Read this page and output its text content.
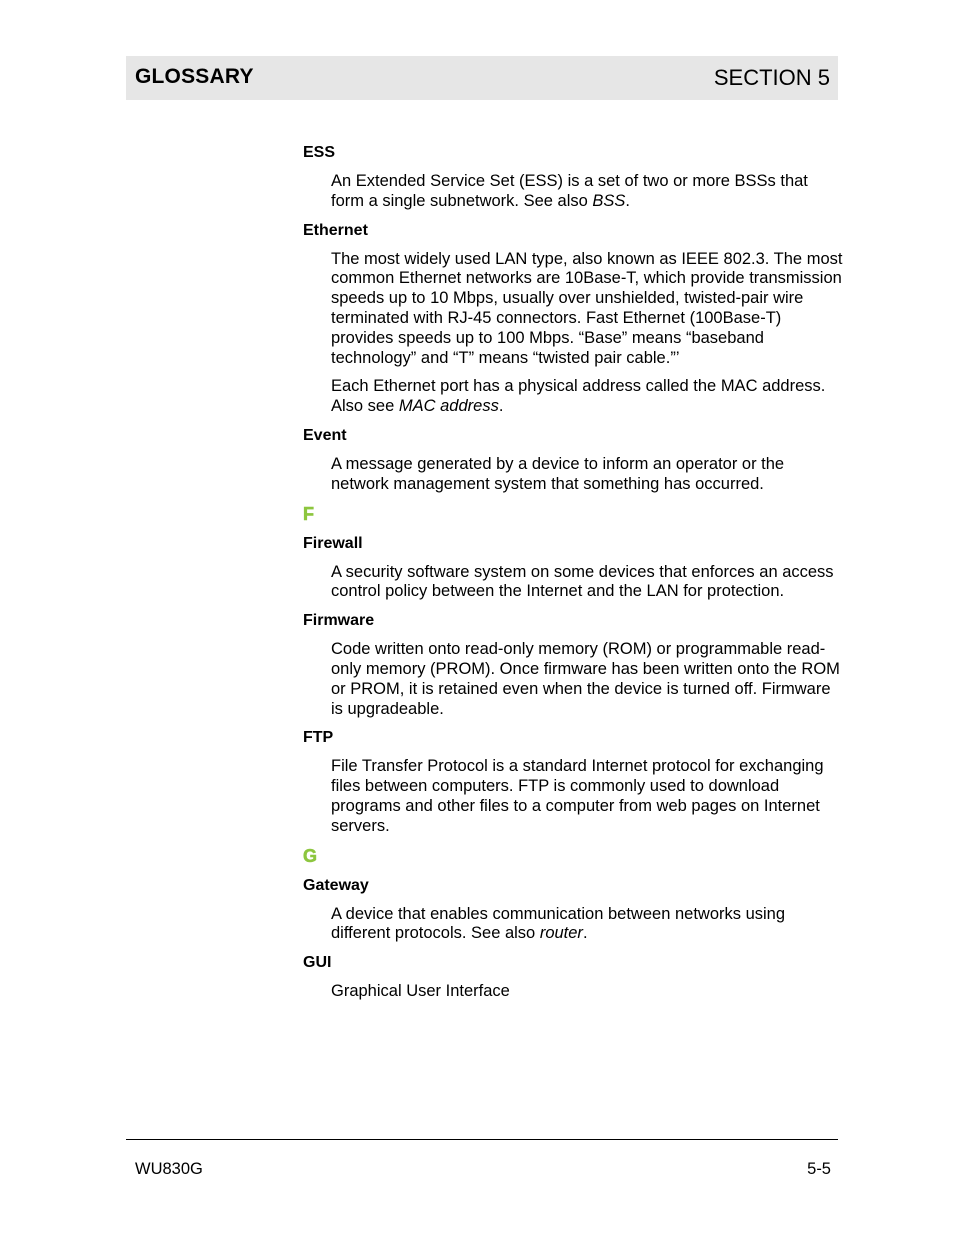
GLOSSARY	SECTION 5
ESS
An Extended Service Set (ESS) is a set of two or more BSSs that form a single subnetwork. See also BSS.
Ethernet
The most widely used LAN type, also known as IEEE 802.3. The most common Ethernet networks are 10Base-T, which provide transmission speeds up to 10 Mbps, usually over unshielded, twisted-pair wire terminated with RJ-45 connectors. Fast Ethernet (100Base-T) provides speeds up to 100 Mbps. “Base” means “baseband technology” and “T” means “twisted pair cable.”’
Each Ethernet port has a physical address called the MAC address. Also see MAC address.
Event
A message generated by a device to inform an operator or the network management system that something has occurred.
F
Firewall
A security software system on some devices that enforces an access control policy between the Internet and the LAN for protection.
Firmware
Code written onto read-only memory (ROM) or programmable read-only memory (PROM). Once firmware has been written onto the ROM or PROM, it is retained even when the device is turned off. Firmware is upgradeable.
FTP
File Transfer Protocol is a standard Internet protocol for exchanging files between computers. FTP is commonly used to download programs and other files to a computer from web pages on Internet servers.
G
Gateway
A device that enables communication between networks using different protocols. See also router.
GUI
Graphical User Interface
WU830G	5-5
